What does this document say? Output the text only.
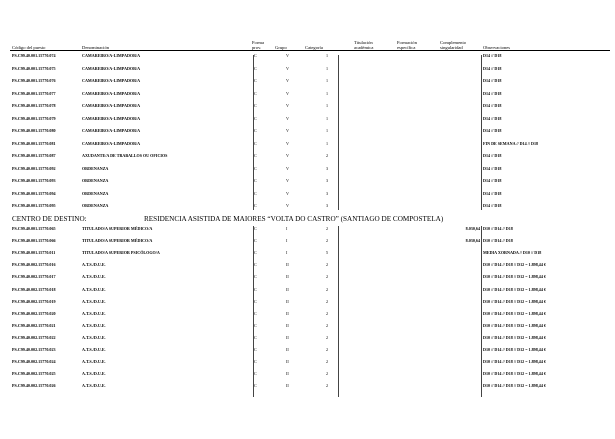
Código del puesto	Denominación
Forma
prov.	Grupo	Categoría
Titulación
académica
Formación
específica
Complemento
singularidad	Observaciones
PS.C99.40.001.15770.074	CAMAREIRO/A-LIMPADOR/A	C	V	1	D14 // D18
PS.C99.40.001.15770.075	CAMAREIRO/A-LIMPADOR/A	C	V	1	D14 // D18
PS.C99.40.001.15770.076	CAMAREIRO/A-LIMPADOR/A	C	V	1	D14 // D18
PS.C99.40.001.15770.077	CAMAREIRO/A-LIMPADOR/A	C	V	1	D14 // D18
PS.C99.40.001.15770.078	CAMAREIRO/A-LIMPADOR/A	C	V	1	D14 // D18
PS.C99.40.001.15770.079	CAMAREIRO/A-LIMPADOR/A	C	V	1	D14 // D18
PS.C99.40.001.15770.080	CAMAREIRO/A-LIMPADOR/A	C	V	1	D14 // D18
PS.C99.40.001.15770.081	CAMAREIRO/A-LIMPADOR/A	C	V	1	FIN DE SEMANA // D14 // D18
PS.C99.40.001.15770.087	AXUDANTE/A DE TRABALLOS OU OFICIOS	C	V	2	D14 // D18
PS.C99.40.001.15770.092	ORDENANZA	C	V	3	D14 // D18
PS.C99.40.001.15770.093	ORDENANZA	C	V	3	D14 // D18
PS.C99.40.001.15770.094	ORDENANZA	C	V	3	D14 // D18
PS.C99.40.001.15770.095	ORDENANZA	C	V	3	D14 // D18
CENTRO DE DESTINO:	RESIDENCIA ASISTIDA DE MAIORES “VOLTA DO CASTRO” (SANTIAGO DE COMPOSTELA)
PS.C99.40.001.15770.065	TITULADO/A SUPERIOR MÉDICO/A	C	I	2	8.030,64 D10 // D14 // D18
PS.C99.40.001.15770.066	TITULADO/A SUPERIOR MÉDICO/A	C	I	2	8.030,64 D10 // D14 // D18
PS.C99.40.001.15770.011	TITULADO/A SUPERIOR PSICÓLOGO/A	C	I	5	MEDIA XORNADA // D10 // D18
PS.C99.40.002.15770.016	A.T.S./D.U.E.	C	II	2	D10 // D14 // D18 // D12 = 1.898,44 €
PS.C99.40.002.15770.017	A.T.S./D.U.E.	C	II	2	D10 // D14 // D18 // D12 = 1.898,44 €
PS.C99.40.002.15770.018	A.T.S./D.U.E.	C	II	2	D10 // D14 // D18 // D12 = 1.898,44 €
PS.C99.40.002.15770.019	A.T.S./D.U.E.	C	II	2	D10 // D14 // D18 // D12 = 1.898,44 €
PS.C99.40.002.15770.020	A.T.S./D.U.E.	C	II	2	D10 // D14 // D18 // D12 = 1.898,44 €
PS.C99.40.002.15770.021	A.T.S./D.U.E.	C	II	2	D10 // D14 // D18 // D12 = 1.898,44 €
PS.C99.40.002.15770.022	A.T.S./D.U.E.	C	II	2	D10 // D14 // D18 // D12 = 1.898,44 €
PS.C99.40.002.15770.023	A.T.S./D.U.E.	C	II	2	D10 // D14 // D18 // D12 = 1.898,44 €
PS.C99.40.002.15770.024	A.T.S./D.U.E.	C	II	2	D10 // D14 // D18 // D12 = 1.898,44 €
PS.C99.40.002.15770.025	A.T.S./D.U.E.	C	II	2	D10 // D14 // D18 // D12 = 1.898,44 €
PS.C99.40.002.15770.026	A.T.S./D.U.E.	C	II	2	D10 // D14 // D18 // D12 = 1.898,44 €
